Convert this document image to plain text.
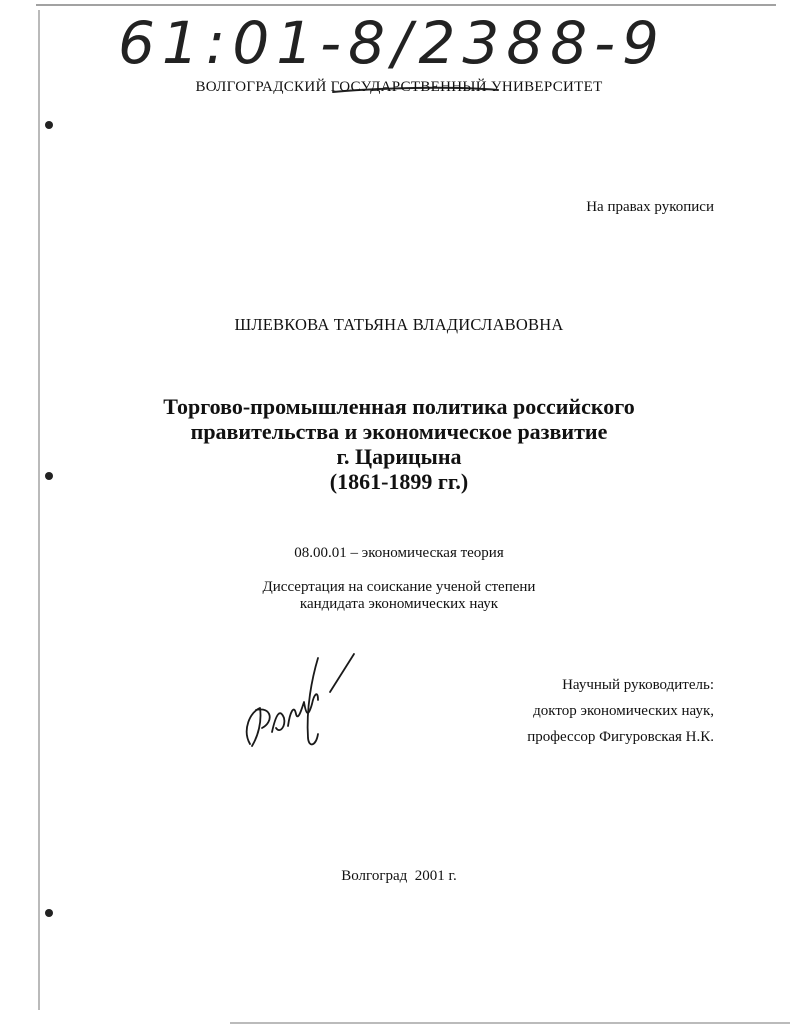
61:01-8/2388-9

ВОЛГОГРАДСКИЙ ГОСУДАРСТВЕННЫЙ УНИВЕРСИТЕТ
На правах рукописи
ШЛЕВКОВА ТАТЬЯНА ВЛАДИСЛАВОВНА

Торгово-промышленная политика российского

правительства и экономическое развитие

г. Царицына

(1861-1899 гг.)

08.00.01 – экономическая теория

Диссертация на соискание ученой степени

кандидата экономических наук

Научный руководитель:

доктор экономических наук,

профессор Фигуровская Н.К.

Волгоград  2001 г.
